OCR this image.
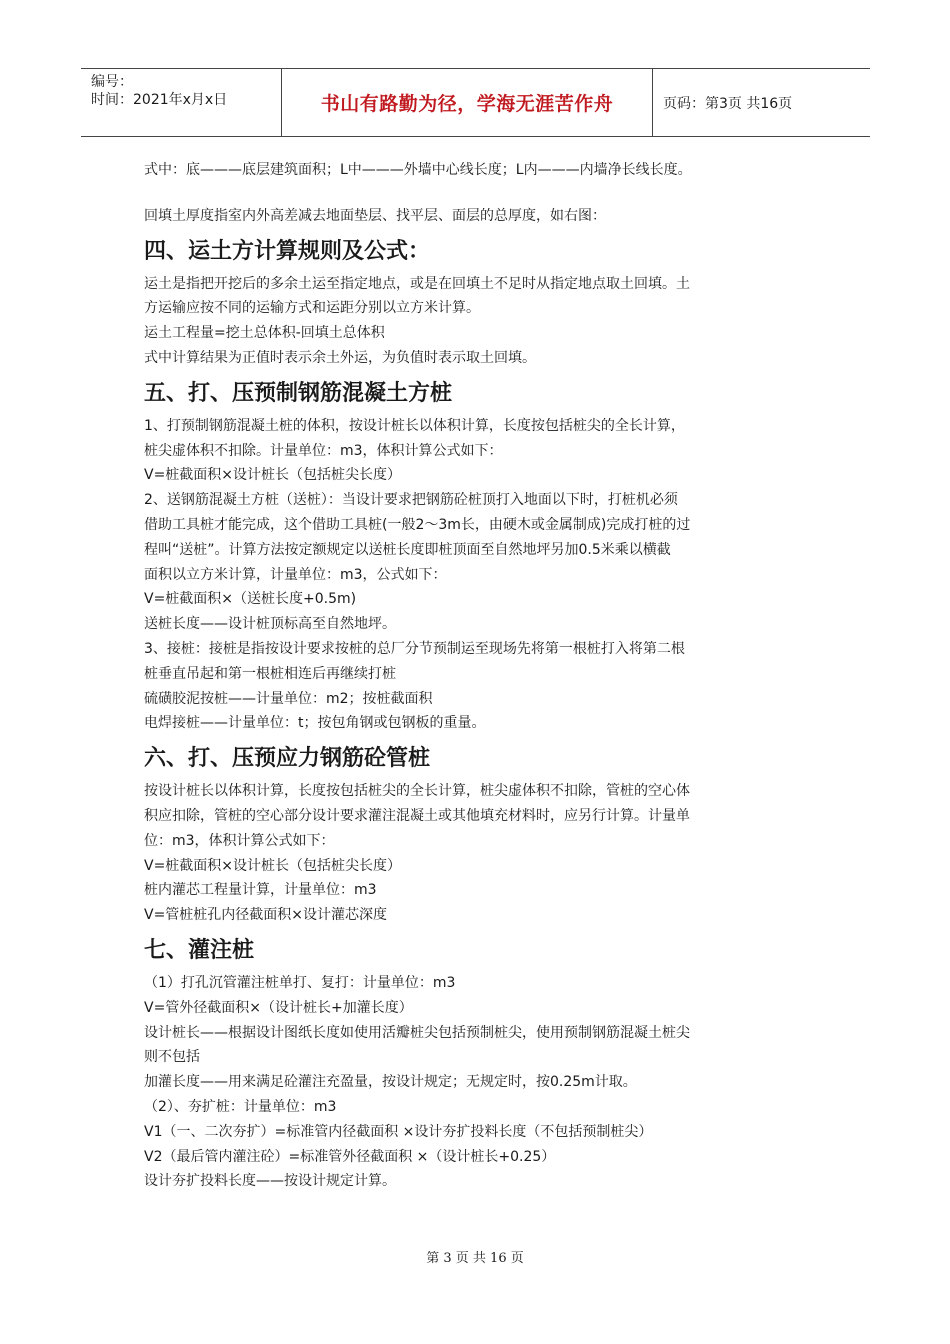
编号：
时间：2021年x月x日	书山有路勤为径，学海无涯苦作舟	页码：第3页 共16页

式中：底———底层建筑面积；L中———外墙中心线长度；L内———内墙净长线长度。

回填土厚度指室内外高差减去地面垫层、找平层、面层的总厚度，如右图：

四、运土方计算规则及公式：

运土是指把开挖后的多余土运至指定地点，或是在回填土不足时从指定地点取土回填。土

方运输应按不同的运输方式和运距分别以立方米计算。

运土工程量=挖土总体积-回填土总体积

式中计算结果为正值时表示余土外运，为负值时表示取土回填。

五、打、压预制钢筋混凝土方桩

1、打预制钢筋混凝土桩的体积，按设计桩长以体积计算，长度按包括桩尖的全长计算，

桩尖虚体积不扣除。计量单位：m3，体积计算公式如下：

V=桩截面积×设计桩长（包括桩尖长度）

2、送钢筋混凝土方桩（送桩）：当设计要求把钢筋砼桩顶打入地面以下时，打桩机必须

借助工具桩才能完成，这个借助工具桩(一般2～3m长，由硬木或金属制成)完成打桩的过

程叫“送桩”。计算方法按定额规定以送桩长度即桩顶面至自然地坪另加0.5米乘以横截

面积以立方米计算，计量单位：m3，公式如下：

V=桩截面积×（送桩长度+0.5m)

送桩长度——设计桩顶标高至自然地坪。

3、接桩：接桩是指按设计要求按桩的总厂分节预制运至现场先将第一根桩打入将第二根

桩垂直吊起和第一根桩相连后再继续打桩

硫磺胶泥按桩——计量单位：m2；按桩截面积

电焊接桩——计量单位：t；按包角钢或包钢板的重量。

六、打、压预应力钢筋砼管桩

按设计桩长以体积计算，长度按包括桩尖的全长计算，桩尖虚体积不扣除，管桩的空心体

积应扣除，管桩的空心部分设计要求灌注混凝土或其他填充材料时，应另行计算。计量单

位：m3，体积计算公式如下：

V=桩截面积×设计桩长（包括桩尖长度）

桩内灌芯工程量计算，计量单位：m3

V=管桩桩孔内径截面积×设计灌芯深度

七、灌注桩

（1）打孔沉管灌注桩单打、复打：计量单位：m3

V=管外径截面积×（设计桩长+加灌长度）

设计桩长——根据设计图纸长度如使用活瓣桩尖包括预制桩尖，使用预制钢筋混凝土桩尖

则不包括

加灌长度——用来满足砼灌注充盈量，按设计规定；无规定时，按0.25m计取。

（2）、夯扩桩：计量单位：m3

V1（一、二次夯扩）=标准管内径截面积 ×设计夯扩投料长度（不包括预制桩尖）

V2（最后管内灌注砼）=标准管外径截面积 ×（设计桩长+0.25）

设计夯扩投料长度——按设计规定计算。

第 3 页 共 16 页
